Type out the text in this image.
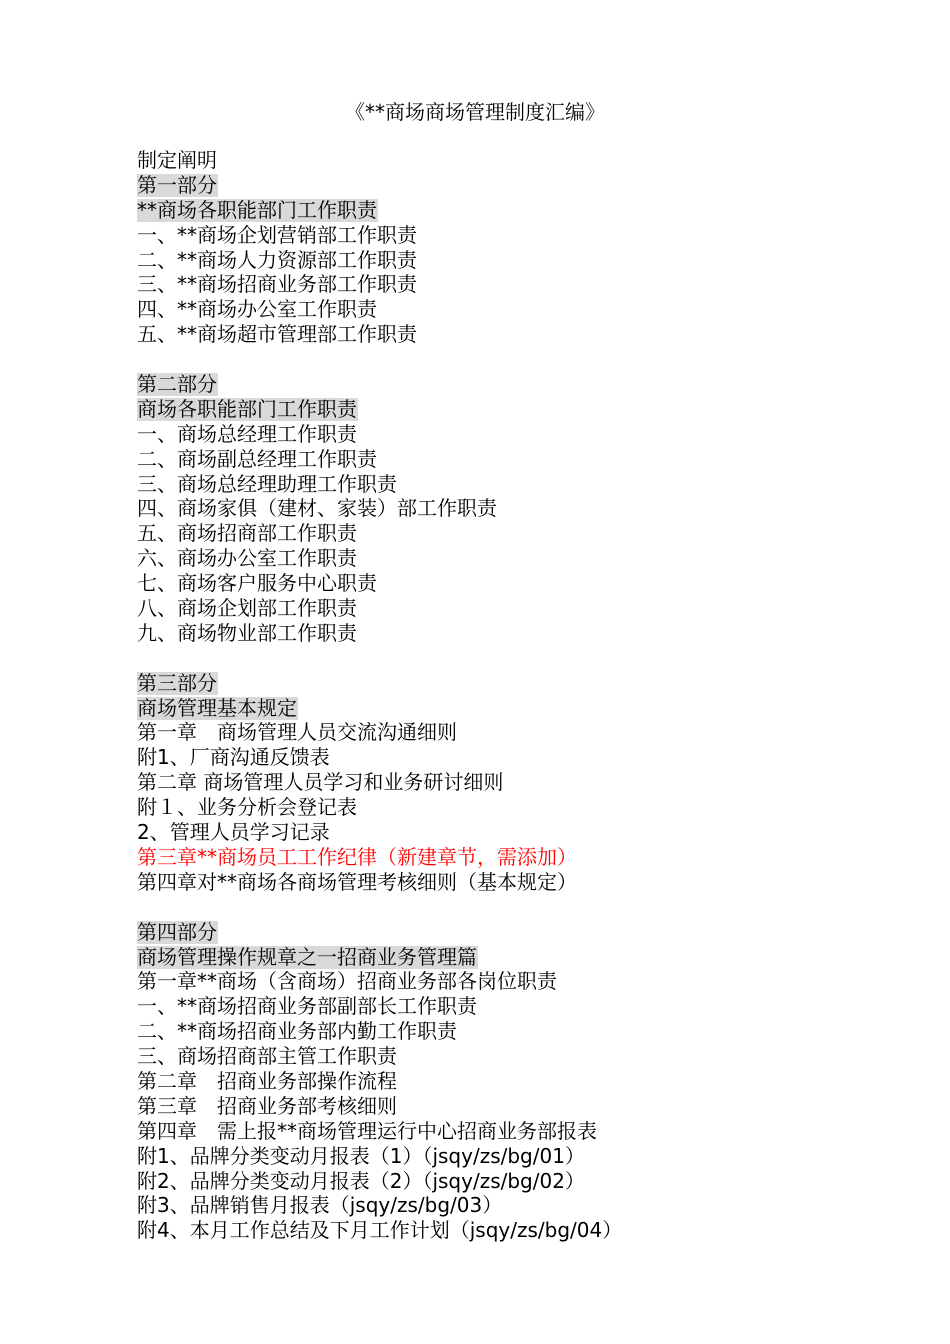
《**商场商场管理制度汇编》
制定阐明
第一部分
**商场各职能部门工作职责
一、**商场企划营销部工作职责
二、**商场人力资源部工作职责
三、**商场招商业务部工作职责
四、**商场办公室工作职责
五、**商场超市管理部工作职责
第二部分
商场各职能部门工作职责
一、商场总经理工作职责
二、商场副总经理工作职责
三、商场总经理助理工作职责
四、商场家俱（建材、家装）部工作职责
五、商场招商部工作职责
六、商场办公室工作职责
七、商场客户服务中心职责
八、商场企划部工作职责
九、商场物业部工作职责
第三部分
商场管理基本规定
第一章　商场管理人员交流沟通细则
附1、厂商沟通反馈表
第二章 商场管理人员学习和业务研讨细则
附１、业务分析会登记表
2、管理人员学习记录
第三章**商场员工工作纪律（新建章节，需添加）
第四章对**商场各商场管理考核细则（基本规定）
第四部分
商场管理操作规章之一招商业务管理篇
第一章**商场（含商场）招商业务部各岗位职责
一、**商场招商业务部副部长工作职责
二、**商场招商业务部内勤工作职责
三、商场招商部主管工作职责
第二章　招商业务部操作流程
第三章　招商业务部考核细则
第四章　需上报**商场管理运行中心招商业务部报表
附1、品牌分类变动月报表（1）（jsqy/zs/bg/01）
附2、品牌分类变动月报表（2）（jsqy/zs/bg/02）
附3、品牌销售月报表（jsqy/zs/bg/03）
附4、本月工作总结及下月工作计划（jsqy/zs/bg/04）
